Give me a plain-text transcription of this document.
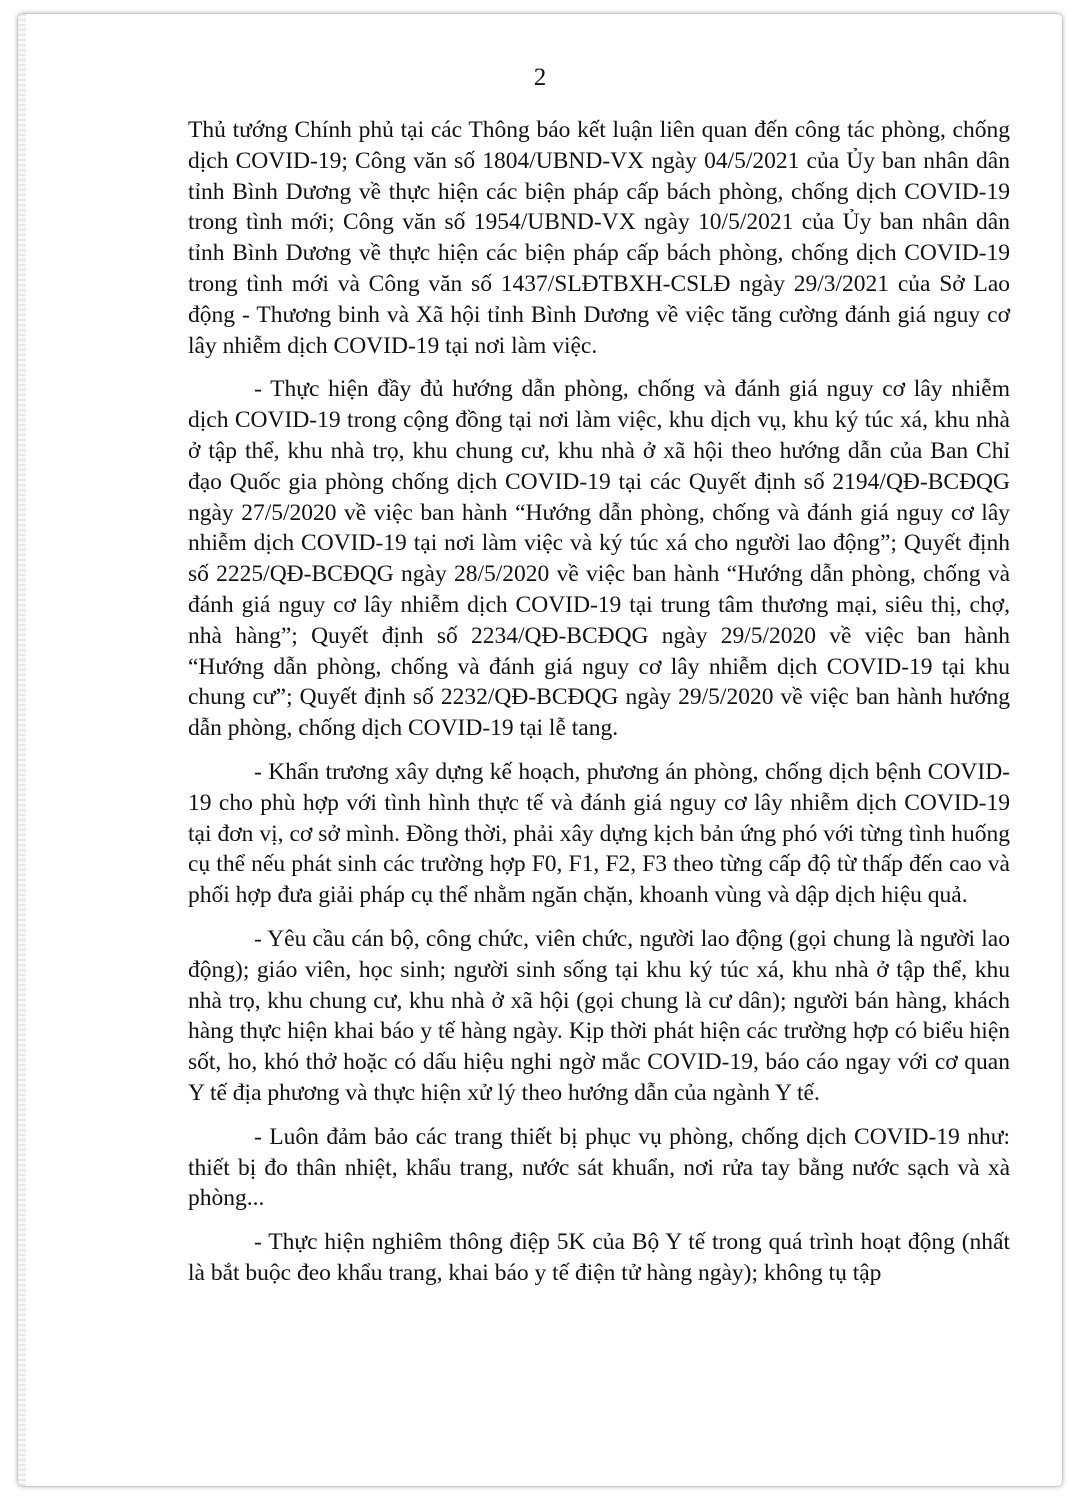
2

Thủ tướng Chính phủ tại các Thông báo kết luận liên quan đến công tác phòng, chống dịch COVID-19; Công văn số 1804/UBND-VX ngày 04/5/2021 của Ủy ban nhân dân tỉnh Bình Dương về thực hiện các biện pháp cấp bách phòng, chống dịch COVID-19 trong tình mới; Công văn số 1954/UBND-VX ngày 10/5/2021 của Ủy ban nhân dân tỉnh Bình Dương về thực hiện các biện pháp cấp bách phòng, chống dịch COVID-19 trong tình mới và Công văn số 1437/SLĐTBXH-CSLĐ ngày 29/3/2021 của Sở Lao động - Thương binh và Xã hội tỉnh Bình Dương về việc tăng cường đánh giá nguy cơ lây nhiễm dịch COVID-19 tại nơi làm việc.

- Thực hiện đầy đủ hướng dẫn phòng, chống và đánh giá nguy cơ lây nhiễm dịch COVID-19 trong cộng đồng tại nơi làm việc, khu dịch vụ, khu ký túc xá, khu nhà ở tập thể, khu nhà trọ, khu chung cư, khu nhà ở xã hội theo hướng dẫn của Ban Chỉ đạo Quốc gia phòng chống dịch COVID-19 tại các Quyết định số 2194/QĐ-BCĐQG ngày 27/5/2020 về việc ban hành “Hướng dẫn phòng, chống và đánh giá nguy cơ lây nhiễm dịch COVID-19 tại nơi làm việc và ký túc xá cho người lao động”; Quyết định số 2225/QĐ-BCĐQG ngày 28/5/2020 về việc ban hành “Hướng dẫn phòng, chống và đánh giá nguy cơ lây nhiễm dịch COVID-19 tại trung tâm thương mại, siêu thị, chợ, nhà hàng”; Quyết định số 2234/QĐ-BCĐQG ngày 29/5/2020 về việc ban hành “Hướng dẫn phòng, chống và đánh giá nguy cơ lây nhiễm dịch COVID-19 tại khu chung cư”; Quyết định số 2232/QĐ-BCĐQG ngày 29/5/2020 về việc ban hành hướng dẫn phòng, chống dịch COVID-19 tại lễ tang.

- Khẩn trương xây dựng kế hoạch, phương án phòng, chống dịch bệnh COVID-19 cho phù hợp với tình hình thực tế và đánh giá nguy cơ lây nhiễm dịch COVID-19 tại đơn vị, cơ sở mình. Đồng thời, phải xây dựng kịch bản ứng phó với từng tình huống cụ thể nếu phát sinh các trường hợp F0, F1, F2, F3 theo từng cấp độ từ thấp đến cao và phối hợp đưa giải pháp cụ thể nhằm ngăn chặn, khoanh vùng và dập dịch hiệu quả.

- Yêu cầu cán bộ, công chức, viên chức, người lao động (gọi chung là người lao động); giáo viên, học sinh; người sinh sống tại khu ký túc xá, khu nhà ở tập thể, khu nhà trọ, khu chung cư, khu nhà ở xã hội (gọi chung là cư dân); người bán hàng, khách hàng thực hiện khai báo y tế hàng ngày. Kịp thời phát hiện các trường hợp có biểu hiện sốt, ho, khó thở hoặc có dấu hiệu nghi ngờ mắc COVID-19, báo cáo ngay với cơ quan Y tế địa phương và thực hiện xử lý theo hướng dẫn của ngành Y tế.

- Luôn đảm bảo các trang thiết bị phục vụ phòng, chống dịch COVID-19 như: thiết bị đo thân nhiệt, khẩu trang, nước sát khuẩn, nơi rửa tay bằng nước sạch và xà phòng...

- Thực hiện nghiêm thông điệp 5K của Bộ Y tế trong quá trình hoạt động (nhất là bắt buộc đeo khẩu trang, khai báo y tế điện tử hàng ngày); không tụ tập
